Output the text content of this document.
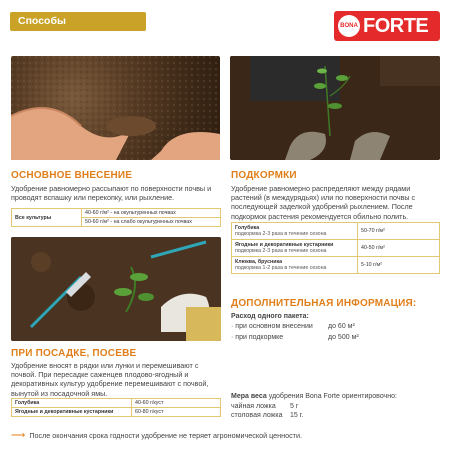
Способы использования
BONA FORTE
ОСНОВНОЕ ВНЕСЕНИЕ
Удобрение равномерно рассыпают по поверхности почвы и проводят вспашку или перекопку, или рыхление.
Все культуры	40-60 г/м² - на окультуренных почвах
50-60 г/м² - на слабо окультуренных почвах
ПРИ ПОСАДКЕ, ПОСЕВЕ
Удобрение вносят в рядки или лунки и перемешивают с почвой. При пересадке саженцев плодово-ягодный и декоративных культур удобрение перемешивают с почвой, вынутой из посадочной ямы.
Голубика	40-60 г/куст
Ягодные и декоративные кустарники	60-80 г/куст
ПОДКОРМКИ
Удобрение равномерно распределяют между рядами растений (в междурядьях) или по поверхности почвы с последующей заделкой удобрений рыхлением. После подкормок растения рекомендуется обильно полить.
Голубика
подкормка 2-3 раза в течение сезона	50-70 г/м²

Ягодные и декоративные кустарники
подкормка 2-3 раза в течение сезона	40-50 г/м²

Клюква, брусника
подкормка 1-2 раза в течение сезона	5-10 г/м²
ДОПОЛНИТЕЛЬНАЯ ИНФОРМАЦИЯ:
Расход одного пакета:
· при основном внесении до 60 м²
· при подкормке	до 500 м²
Мера веса удобрения Bona Forte ориентировочно:
чайная ложка 5 г
столовая ложка 15 г.
⟶ После окончания срока годности удобрение не теряет агрономической ценности.
